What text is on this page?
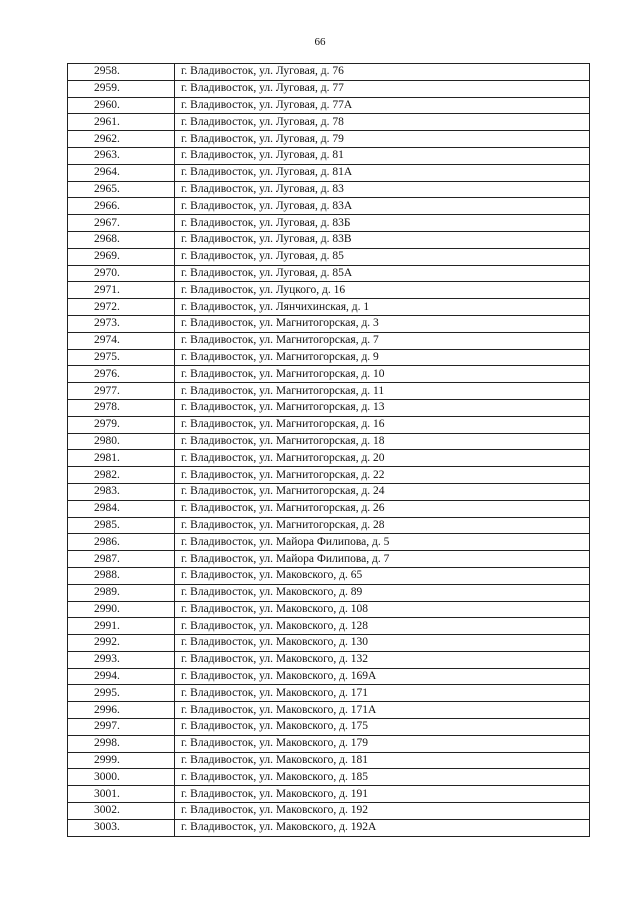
66
2958.	г. Владивосток, ул. Луговая, д. 76
2959.	г. Владивосток, ул. Луговая, д. 77
2960.	г. Владивосток, ул. Луговая, д. 77А
2961.	г. Владивосток, ул. Луговая, д. 78
2962.	г. Владивосток, ул. Луговая, д. 79
2963.	г. Владивосток, ул. Луговая, д. 81
2964.	г. Владивосток, ул. Луговая, д. 81А
2965.	г. Владивосток, ул. Луговая, д. 83
2966.	г. Владивосток, ул. Луговая, д. 83А
2967.	г. Владивосток, ул. Луговая, д. 83Б
2968.	г. Владивосток, ул. Луговая, д. 83В
2969.	г. Владивосток, ул. Луговая, д. 85
2970.	г. Владивосток, ул. Луговая, д. 85А
2971.	г. Владивосток, ул. Луцкого, д. 16
2972.	г. Владивосток, ул. Лянчихинская, д. 1
2973.	г. Владивосток, ул. Магнитогорская, д. 3
2974.	г. Владивосток, ул. Магнитогорская, д. 7
2975.	г. Владивосток, ул. Магнитогорская, д. 9
2976.	г. Владивосток, ул. Магнитогорская, д. 10
2977.	г. Владивосток, ул. Магнитогорская, д. 11
2978.	г. Владивосток, ул. Магнитогорская, д. 13
2979.	г. Владивосток, ул. Магнитогорская, д. 16
2980.	г. Владивосток, ул. Магнитогорская, д. 18
2981.	г. Владивосток, ул. Магнитогорская, д. 20
2982.	г. Владивосток, ул. Магнитогорская, д. 22
2983.	г. Владивосток, ул. Магнитогорская, д. 24
2984.	г. Владивосток, ул. Магнитогорская, д. 26
2985.	г. Владивосток, ул. Магнитогорская, д. 28
2986.	г. Владивосток, ул. Майора Филипова, д. 5
2987.	г. Владивосток, ул. Майора Филипова, д. 7
2988.	г. Владивосток, ул. Маковского, д. 65
2989.	г. Владивосток, ул. Маковского, д. 89
2990.	г. Владивосток, ул. Маковского, д. 108
2991.	г. Владивосток, ул. Маковского, д. 128
2992.	г. Владивосток, ул. Маковского, д. 130
2993.	г. Владивосток, ул. Маковского, д. 132
2994.	г. Владивосток, ул. Маковского, д. 169А
2995.	г. Владивосток, ул. Маковского, д. 171
2996.	г. Владивосток, ул. Маковского, д. 171А
2997.	г. Владивосток, ул. Маковского, д. 175
2998.	г. Владивосток, ул. Маковского, д. 179
2999.	г. Владивосток, ул. Маковского, д. 181
3000.	г. Владивосток, ул. Маковского, д. 185
3001.	г. Владивосток, ул. Маковского, д. 191
3002.	г. Владивосток, ул. Маковского, д. 192
3003.	г. Владивосток, ул. Маковского, д. 192А
